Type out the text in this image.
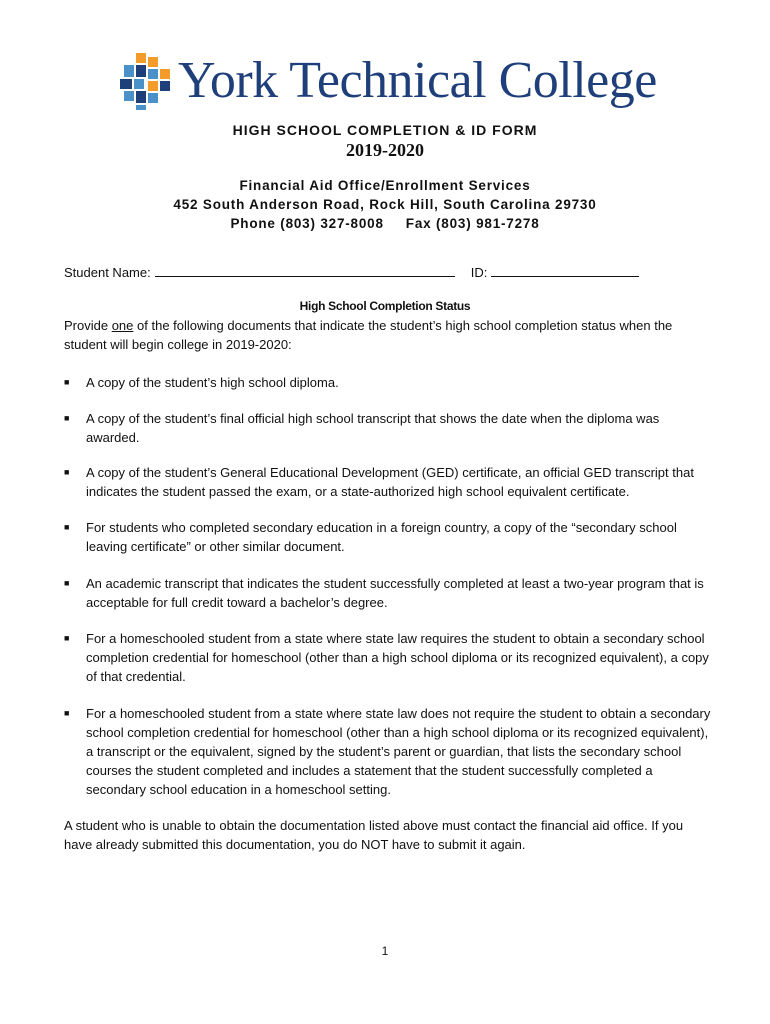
York Technical College
HIGH SCHOOL COMPLETION & ID FORM
2019-2020
Financial Aid Office/Enrollment Services
452 South Anderson Road, Rock Hill, South Carolina 29730
Phone (803) 327-8008 Fax (803) 981-7278
Student Name:	ID:
High School Completion Status
Provide one of the following documents that indicate the student’s high school completion status when the student will begin college in 2019-2020:
■	A copy of the student’s high school diploma.
■	A copy of the student’s final official high school transcript that shows the date when the diploma was awarded.
■	A copy of the student’s General Educational Development (GED) certificate, an official GED transcript that indicates the student passed the exam, or a state-authorized high school equivalent certificate.
■	For students who completed secondary education in a foreign country, a copy of the “secondary school leaving certificate” or other similar document.
■	An academic transcript that indicates the student successfully completed at least a two-year program that is acceptable for full credit toward a bachelor’s degree.
■	For a homeschooled student from a state where state law requires the student to obtain a secondary school completion credential for homeschool (other than a high school diploma or its recognized equivalent), a copy of that credential.
■	For a homeschooled student from a state where state law does not require the student to obtain a secondary school completion credential for homeschool (other than a high school diploma or its recognized equivalent), a transcript or the equivalent, signed by the student’s parent or guardian, that lists the secondary school courses the student completed and includes a statement that the student successfully completed a secondary school education in a homeschool setting.
A student who is unable to obtain the documentation listed above must contact the financial aid office. If you have already submitted this documentation, you do NOT have to submit it again.
1
